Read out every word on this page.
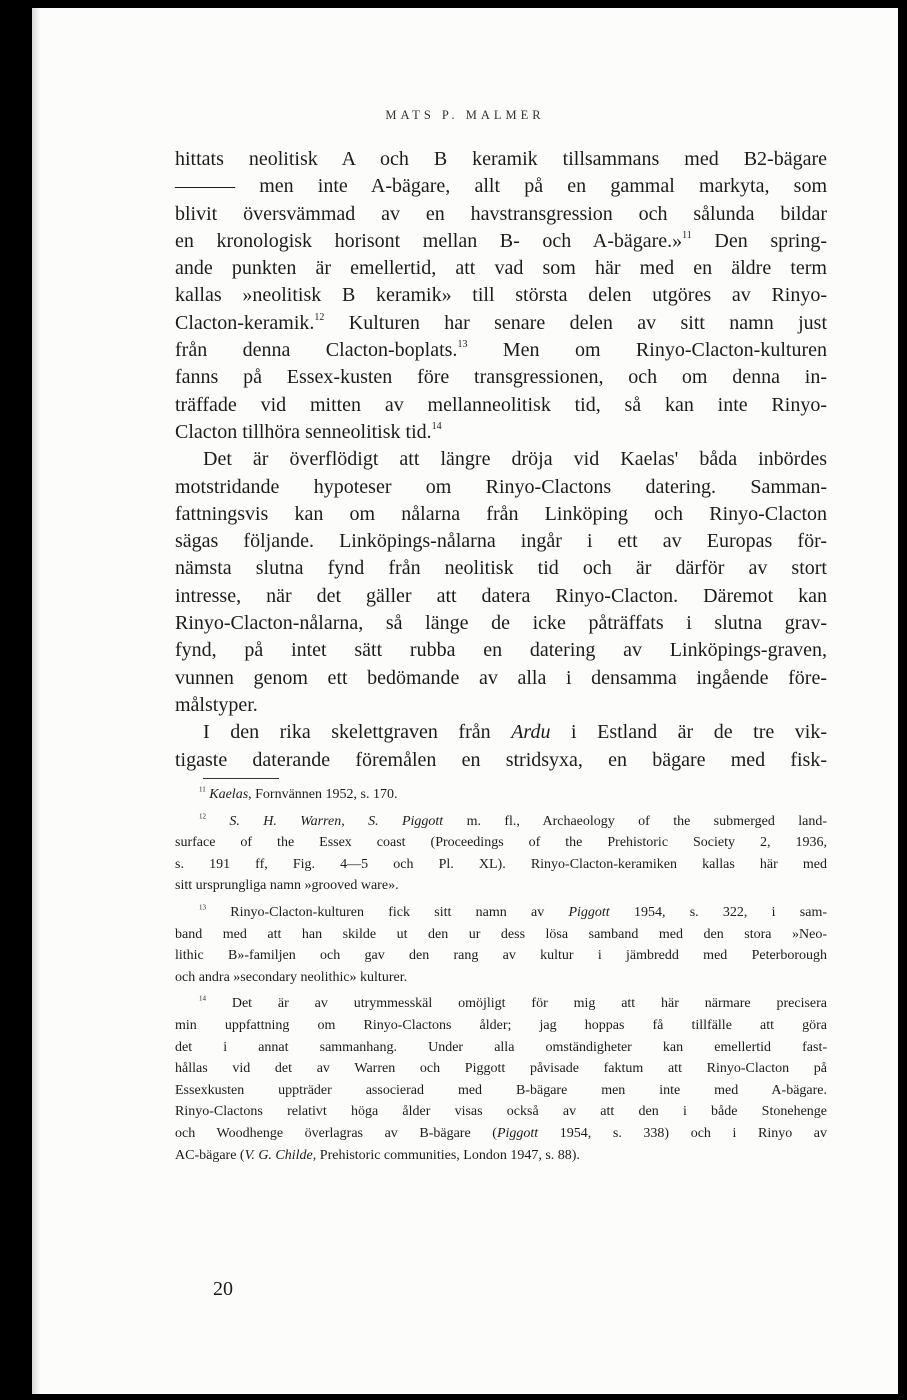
MATS P. MALMER
hittats neolitisk A och B keramik tillsammans med B2-bägare
——— men inte A-bägare, allt på en gammal markyta, som
blivit översvämmad av en havstransgression och sålunda bildar
en kronologisk horisont mellan B- och A-bägare.»$^{11}$ Den spring-
ande punkten är emellertid, att vad som här med en äldre term
kallas »neolitisk B keramik» till största delen utgöres av Rinyo-
Clacton-keramik.$^{12}$ Kulturen har senare delen av sitt namn just
från denna Clacton-boplats.$^{13}$ Men om Rinyo-Clacton-kulturen
fanns på Essex-kusten före transgressionen, och om denna in-
träffade vid mitten av mellanneolitisk tid, så kan inte Rinyo-
Clacton tillhöra senneolitisk tid.$^{14}$
Det är överflödigt att längre dröja vid Kaelas' båda inbördes
motstridande hypoteser om Rinyo-Clactons datering. Samman-
fattningsvis kan om nålarna från Linköping och Rinyo-Clacton
sägas följande. Linköpings-nålarna ingår i ett av Europas för-
nämsta slutna fynd från neolitisk tid och är därför av stort
intresse, när det gäller att datera Rinyo-Clacton. Däremot kan
Rinyo-Clacton-nålarna, så länge de icke påträffats i slutna grav-
fynd, på intet sätt rubba en datering av Linköpings-graven,
vunnen genom ett bedömande av alla i densamma ingående före-
målstyper.
I den rika skelettgraven från Ardu i Estland är de tre vik-
tigaste daterande föremålen en stridsyxa, en bägare med fisk-
$^{11}$ Kaelas, Fornvännen 1952, s. 170.
$^{12}$ S. H. Warren, S. Piggott m. fl., Archaeology of the submerged land-
surface of the Essex coast (Proceedings of the Prehistoric Society 2, 1936,
s. 191 ff, Fig. 4—5 och Pl. XL). Rinyo-Clacton-keramiken kallas här med
sitt ursprungliga namn »grooved ware».
$^{13}$ Rinyo-Clacton-kulturen fick sitt namn av Piggott 1954, s. 322, i sam-
band med att han skilde ut den ur dess lösa samband med den stora »Neo-
lithic B»-familjen och gav den rang av kultur i jämbredd med Peterborough
och andra »secondary neolithic» kulturer.
$^{14}$ Det är av utrymmesskäl omöjligt för mig att här närmare precisera
min uppfattning om Rinyo-Clactons ålder; jag hoppas få tillfälle att göra
det i annat sammanhang. Under alla omständigheter kan emellertid fast-
hållas vid det av Warren och Piggott påvisade faktum att Rinyo-Clacton på
Essexkusten uppträder associerad med B-bägare men inte med A-bägare.
Rinyo-Clactons relativt höga ålder visas också av att den i både Stonehenge
och Woodhenge överlagras av B-bägare (Piggott 1954, s. 338) och i Rinyo av
AC-bägare (V. G. Childe, Prehistoric communities, London 1947, s. 88).
20
